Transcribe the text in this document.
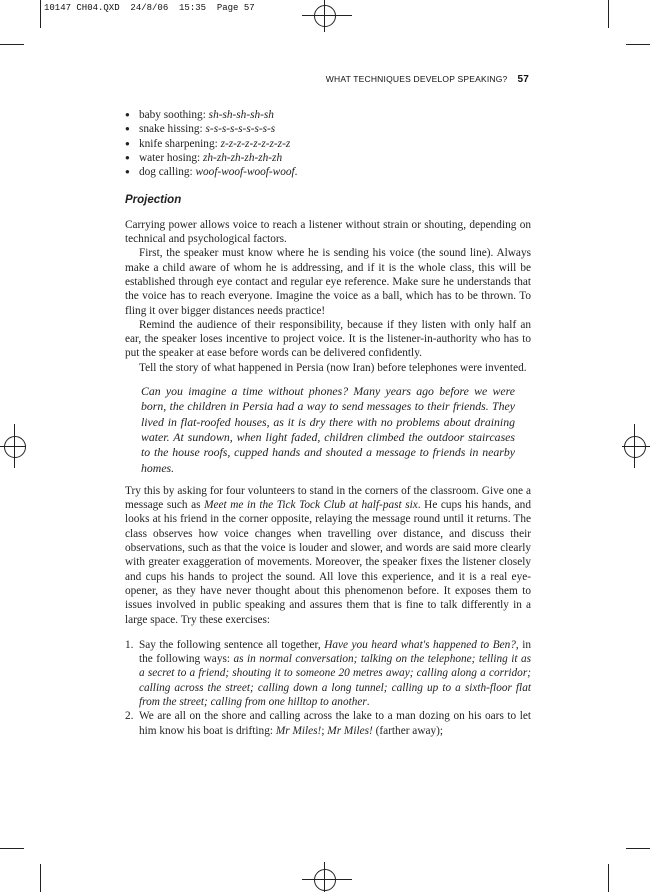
10147 CH04.QXD  24/8/06  15:35  Page 57
WHAT TECHNIQUES DEVELOP SPEAKING? 57
● baby soothing: sh-sh-sh-sh-sh
● snake hissing: s-s-s-s-s-s-s-s-s
● knife sharpening: z-z-z-z-z-z-z-z-z
● water hosing: zh-zh-zh-zh-zh-zh
● dog calling: woof-woof-woof-woof.
Projection

Carrying power allows voice to reach a listener without strain or shouting, depending on technical and psychological factors.

First, the speaker must know where he is sending his voice (the sound line). Always make a child aware of whom he is addressing, and if it is the whole class, this will be established through eye contact and regular eye reference. Make sure he understands that the voice has to reach everyone. Imagine the voice as a ball, which has to be thrown. To fling it over bigger distances needs practice!

Remind the audience of their responsibility, because if they listen with only half an ear, the speaker loses incentive to project voice. It is the listener-in-authority who has to put the speaker at ease before words can be delivered confidently.

Tell the story of what happened in Persia (now Iran) before telephones were invented.

Can you imagine a time without phones? Many years ago before we were born, the children in Persia had a way to send messages to their friends. They lived in flat-roofed houses, as it is dry there with no problems about draining water. At sundown, when light faded, children climbed the outdoor staircases to the house roofs, cupped hands and shouted a message to friends in nearby homes.

Try this by asking for four volunteers to stand in the corners of the classroom. Give one a message such as Meet me in the Tick Tock Club at half-past six. He cups his hands, and looks at his friend in the corner opposite, relaying the message round until it returns. The class observes how voice changes when travelling over distance, and discuss their observations, such as that the voice is louder and slower, and words are said more clearly with greater exaggeration of movements. Moreover, the speaker fixes the listener closely and cups his hands to project the sound. All love this experience, and it is a real eye-opener, as they have never thought about this phenomenon before. It exposes them to issues involved in public speaking and assures them that is fine to talk differently in a large space. Try these exercises:

1. Say the following sentence all together, Have you heard what's happened to Ben?, in the following ways: as in normal conversation; talking on the telephone; telling it as a secret to a friend; shouting it to someone 20 metres away; calling along a corridor; calling across the street; calling down a long tunnel; calling up to a sixth-floor flat from the street; calling from one hilltop to another.
2. We are all on the shore and calling across the lake to a man dozing on his oars to let him know his boat is drifting: Mr Miles!; Mr Miles! (farther away);
